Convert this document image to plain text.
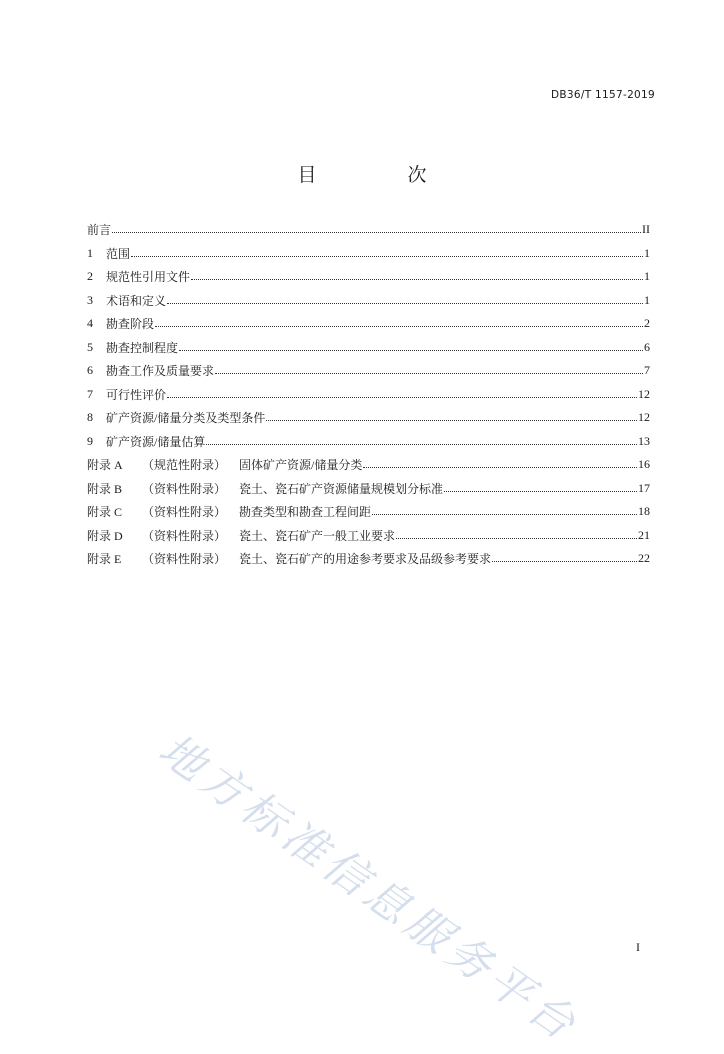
DB36/T 1157-2019
目　次
前言	II
1	范围	1
2	规范性引用文件	1
3	术语和定义	1
4	勘查阶段	2
5	勘查控制程度	6
6	勘查工作及质量要求	7
7	可行性评价	12
8	矿产资源/储量分类及类型条件	12
9	矿产资源/储量估算	13
附录 A	（规范性附录）	固体矿产资源/储量分类	16
附录 B	（资料性附录）	瓷土、瓷石矿产资源储量规模划分标准	17
附录 C	（资料性附录）	勘查类型和勘查工程间距	18
附录 D	（资料性附录）	瓷土、瓷石矿产一般工业要求	21
附录 E	（资料性附录）	瓷土、瓷石矿产的用途参考要求及品级参考要求	22
地方标准信息服务平台	I
